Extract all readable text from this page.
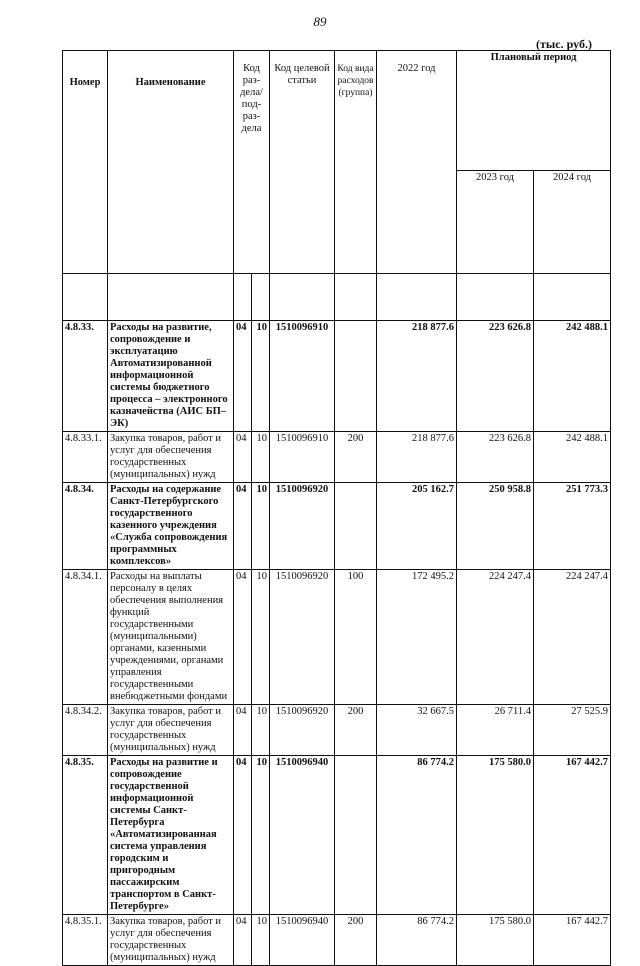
89
(тыс. руб.)
Номер	Наименование	Код раз-дела/ под-раз-дела		Код целевой статьи	Код вида расходов (группа)	2022 год	Плановый период	
							2023 год	2024 год

4.8.33.	Расходы на развитие, сопровождение и эксплуатацию Автоматизированной информационной системы бюджетного процесса – электронного казначейства (АИС БП–ЭК)	04	10	1510096910		218 877.6	223 626.8	242 488.1
4.8.33.1.	Закупка товаров, работ и услуг для обеспечения государственных (муниципальных) нужд	04	10	1510096910	200	218 877.6	223 626.8	242 488.1
4.8.34.	Расходы на содержание Санкт-Петербургского государственного казенного учреждения «Служба сопровождения программных комплексов»	04	10	1510096920		205 162.7	250 958.8	251 773.3
4.8.34.1.	Расходы на выплаты персоналу в целях обеспечения выполнения функций государственными (муниципальными) органами, казенными учреждениями, органами управления государственными внебюджетными фондами	04	10	1510096920	100	172 495.2	224 247.4	224 247.4
4.8.34.2.	Закупка товаров, работ и услуг для обеспечения государственных (муниципальных) нужд	04	10	1510096920	200	32 667.5	26 711.4	27 525.9
4.8.35.	Расходы на развитие и сопровождение государственной информационной системы Санкт-Петербурга «Автоматизированная система управления городским и пригородным пассажирским транспортом в Санкт-Петербурге»	04	10	1510096940		86 774.2	175 580.0	167 442.7
4.8.35.1.	Закупка товаров, работ и услуг для обеспечения государственных (муниципальных) нужд	04	10	1510096940	200	86 774.2	175 580.0	167 442.7
